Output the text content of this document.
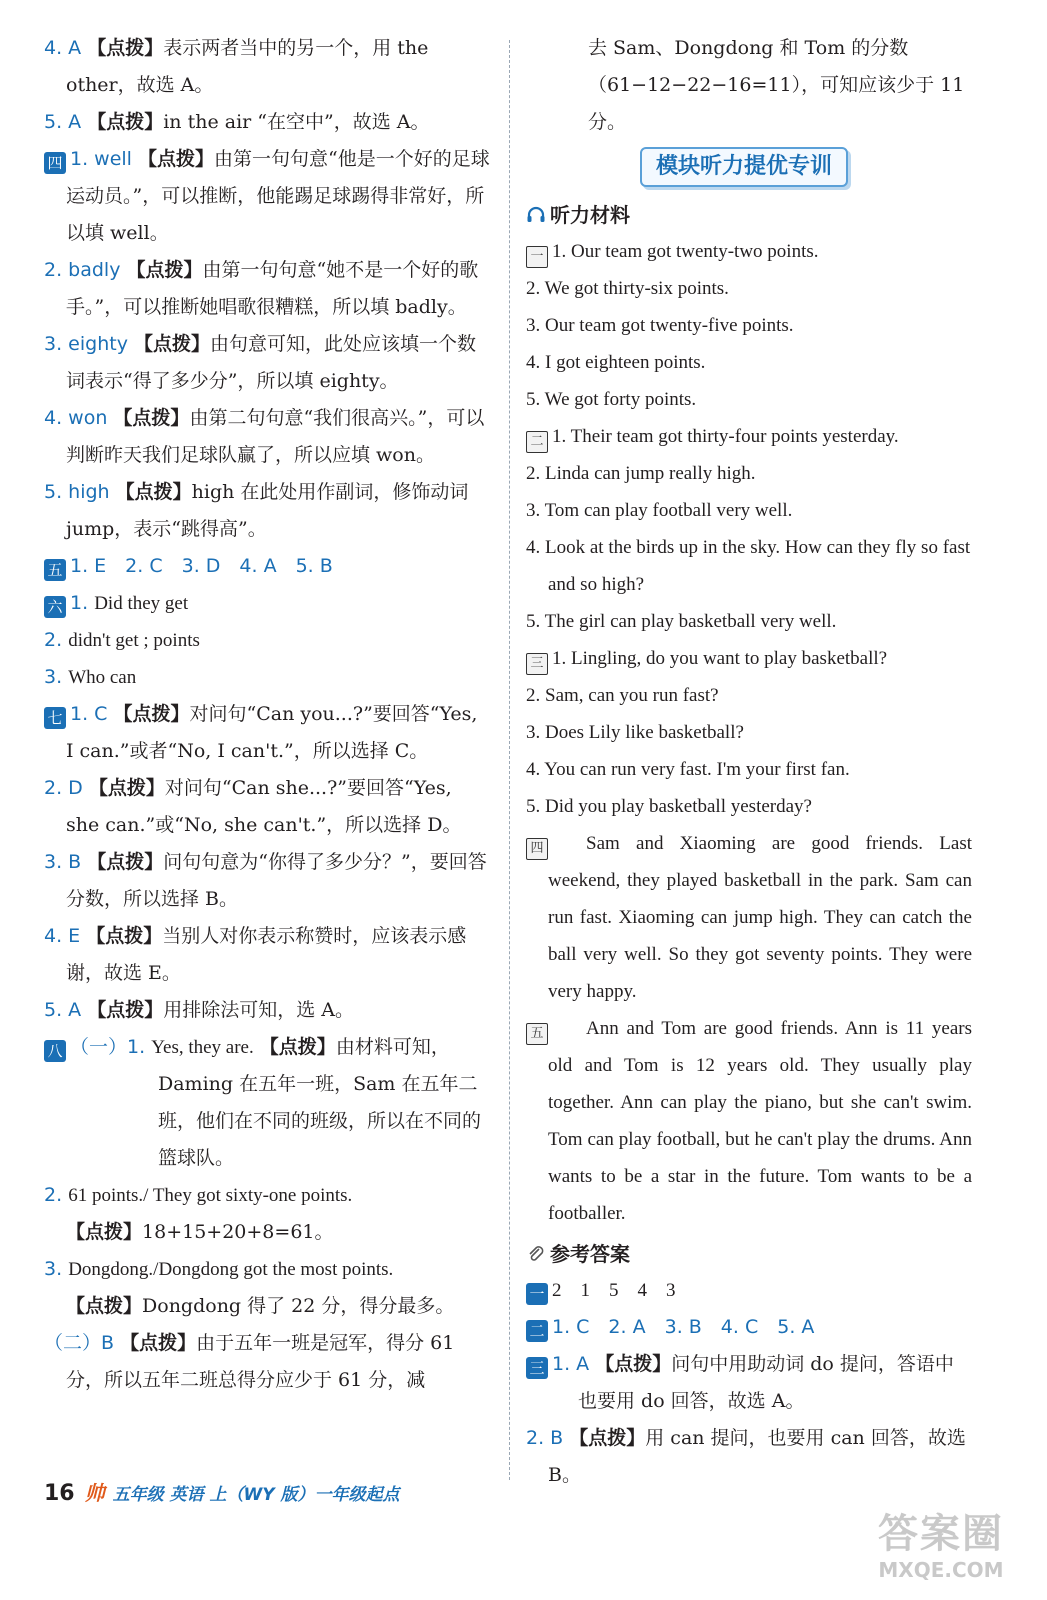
4. A 【点拨】表示两者当中的另一个，用 the other，故选 A。
5. A 【点拨】in the air “在空中”，故选 A。
四 1. well 【点拨】由第一句句意“他是一个好的足球运动员。”，可以推断，他能踢足球踢得非常好，所以填 well。
2. badly 【点拨】由第一句句意“她不是一个好的歌手。”，可以推断她唱歌很糟糕，所以填 badly。
3. eighty 【点拨】由句意可知，此处应该填一个数词表示“得了多少分”，所以填 eighty。
4. won 【点拨】由第二句句意“我们很高兴。”，可以判断昨天我们足球队赢了，所以应填 won。
5. high 【点拨】high 在此处用作副词，修饰动词 jump，表示“跳得高”。
五 1. E　2. C　3. D　4. A　5. B
六 1. Did they get
2. didn't get ; points
3. Who can
七 1. C 【点拨】对问句“Can you...?”要回答“Yes, I can.”或者“No, I can't.”，所以选择 C。
2. D 【点拨】对问句“Can she...?”要回答“Yes, she can.”或“No, she can't.”，所以选择 D。
3. B 【点拨】问句句意为“你得了多少分？”，要回答分数，所以选择 B。
4. E 【点拨】当别人对你表示称赞时，应该表示感谢，故选 E。
5. A 【点拨】用排除法可知，选 A。
八 （一）1. Yes, they are. 【点拨】由材料可知，Daming 在五年一班，Sam 在五年二班，他们在不同的班级，所以在不同的篮球队。
2. 61 points./ They got sixty-one points.
【点拨】18+15+20+8=61。
3. Dongdong./Dongdong got the most points.
【点拨】Dongdong 得了 22 分，得分最多。
（二）B 【点拨】由于五年一班是冠军，得分 61 分，所以五年二班总得分应少于 61 分，减
去 Sam、Dongdong 和 Tom 的分数（61−12−22−16=11），可知应该少于 11 分。
模块听力提优专训
听力材料
一 1. Our team got twenty-two points.
2. We got thirty-six points.
3. Our team got twenty-five points.
4. I got eighteen points.
5. We got forty points.
二 1. Their team got thirty-four points yesterday.
2. Linda can jump really high.
3. Tom can play football very well.
4. Look at the birds up in the sky. How can they fly so fast and so high?
5. The girl can play basketball very well.
三 1. Lingling, do you want to play basketball?
2. Sam, can you run fast?
3. Does Lily like basketball?
4. You can run very fast. I'm your first fan.
5. Did you play basketball yesterday?
四 Sam and Xiaoming are good friends. Last weekend, they played basketball in the park. Sam can run fast. Xiaoming can jump high. They can catch the ball very well. So they got seventy points. They were very happy.
五 Ann and Tom are good friends. Ann is 11 years old and Tom is 12 years old. They usually play together. Ann can play the piano, but she can't swim. Tom can play football, but he can't play the drums. Ann wants to be a star in the future. Tom wants to be a footballer.
参考答案
一 2　1　5　4　3
二 1. C　2. A　3. B　4. C　5. A
三 1. A 【点拨】问句中用助动词 do 提问，答语中也要用 do 回答，故选 A。
2. B 【点拨】用 can 提问，也要用 can 回答，故选 B。
16 帅 五年级 英语 上（WY 版）一年级起点
答案圈
MXQE.COM
